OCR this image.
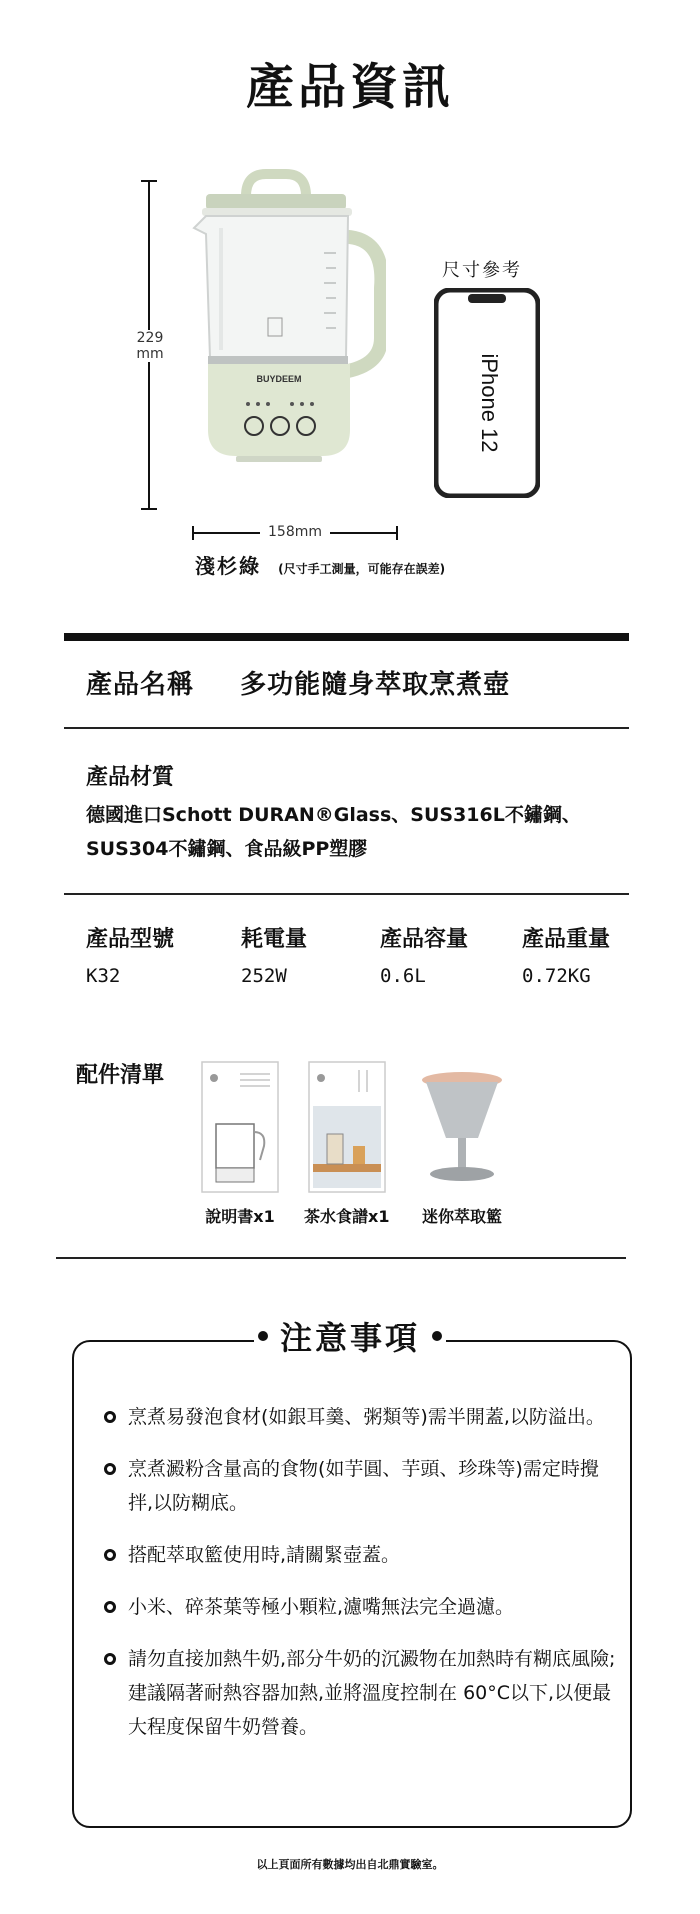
產品資訊
229
mm
BUYDEEM
158mm
尺寸參考
iPhone 12
淺杉綠 (尺寸手工測量，可能存在誤差)
產品名稱 多功能隨身萃取烹煮壺
產品材質
德國進口Schott DURAN®Glass、SUS316L不鏽鋼、
SUS304不鏽鋼、食品級PP塑膠
產品型號
K32
耗電量
252W
產品容量
0.6L
產品重量
0.72KG
配件清單
說明書x1	茶水食譜x1 迷你萃取籃
注意事項
烹煮易發泡食材(如銀耳羹、粥類等)需半開蓋,以防溢出。
烹煮澱粉含量高的食物(如芋圓、芋頭、珍珠等)需定時攪拌,以防糊底。
搭配萃取籃使用時,請關緊壺蓋。
小米、碎茶葉等極小顆粒,濾嘴無法完全過濾。
請勿直接加熱牛奶,部分牛奶的沉澱物在加熱時有糊底風險;建議隔著耐熱容器加熱,並將溫度控制在 60°C以下,以便最大程度保留牛奶營養。
以上頁面所有數據均出自北鼎實驗室。
